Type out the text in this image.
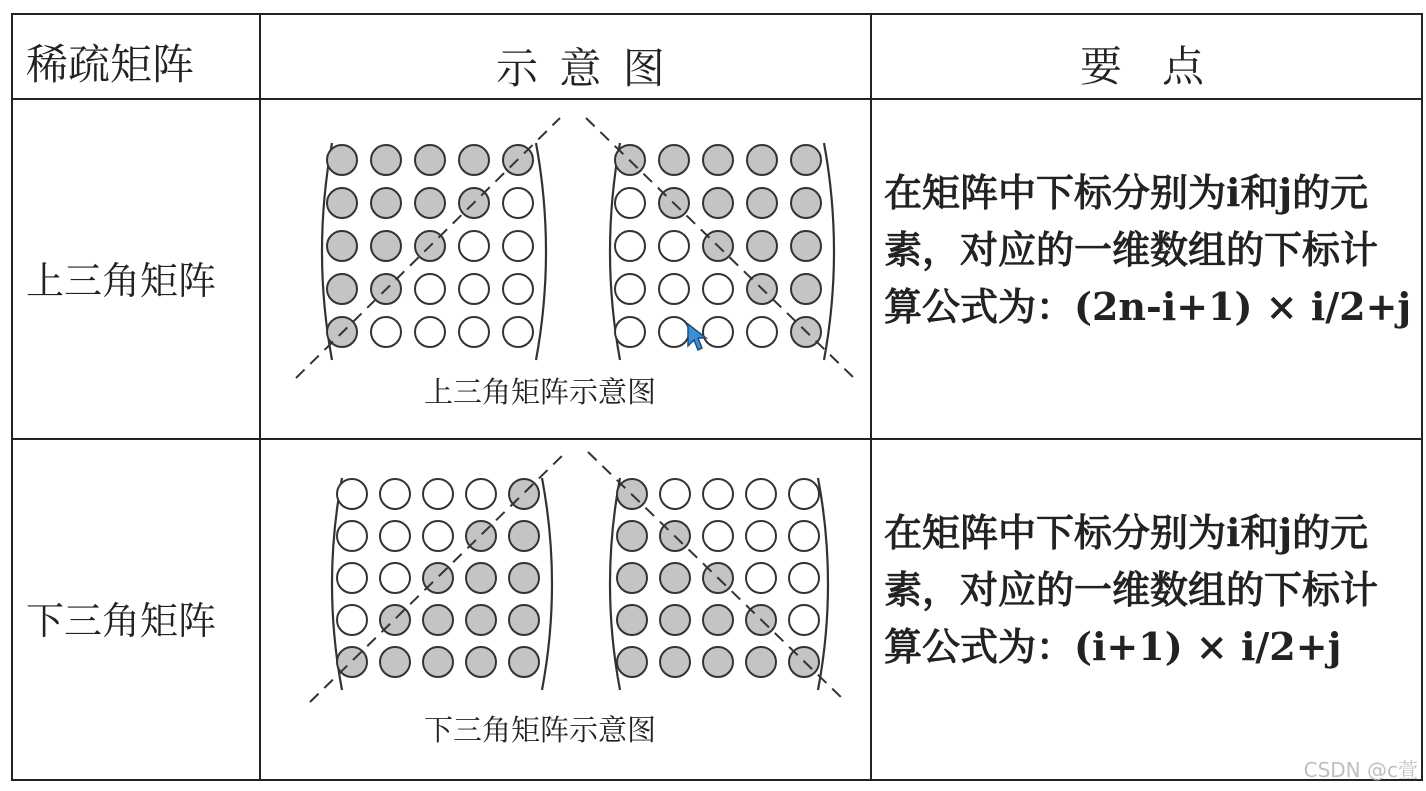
稀疏矩阵	示 意 图	要   点
上三角矩阵
下三角矩阵
在矩阵中下标分别为i和j的元素，对应的一维数组的下标计算公式为：(2n-i+1) × i/2+j
在矩阵中下标分别为i和j的元素，对应的一维数组的下标计算公式为：(i+1) × i/2+j
上三角矩阵示意图
下三角矩阵示意图
CSDN @c萱
